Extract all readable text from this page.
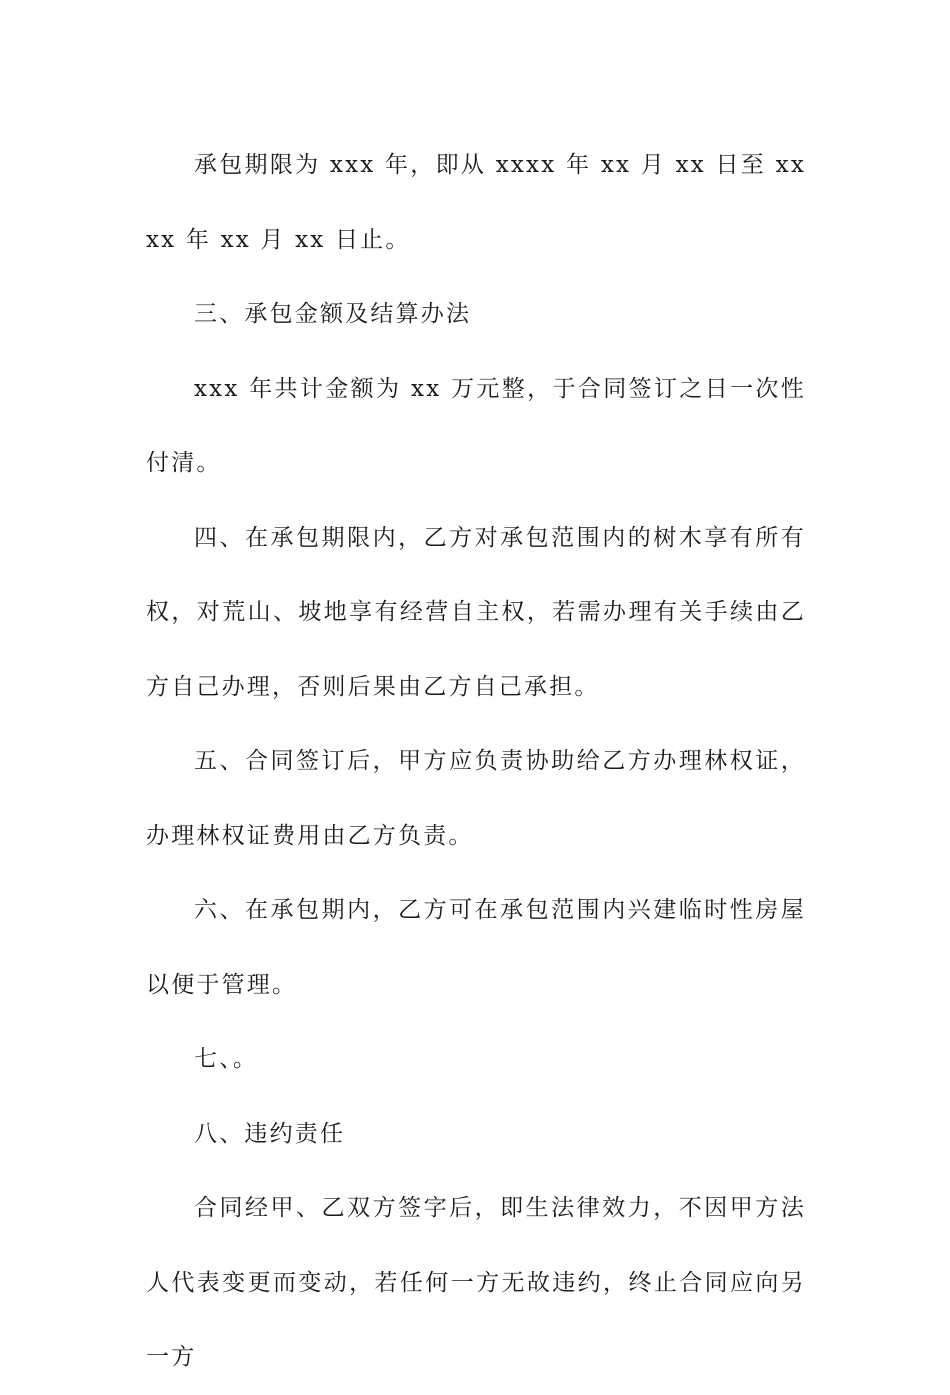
承包期限为 xxx 年，即从 xxxx 年 xx 月 xx 日至 xxxx 年 xx 月 xx 日止。

三、承包金额及结算办法

xxx 年共计金额为 xx 万元整，于合同签订之日一次性付清。

四、在承包期限内，乙方对承包范围内的树木享有所有权，对荒山、坡地享有经营自主权，若需办理有关手续由乙方自己办理，否则后果由乙方自己承担。

五、合同签订后，甲方应负责协助给乙方办理林权证，办理林权证费用由乙方负责。

六、在承包期内，乙方可在承包范围内兴建临时性房屋以便于管理。

七、。

八、违约责任

合同经甲、乙双方签字后，即生法律效力，不因甲方法人代表变更而变动，若任何一方无故违约，终止合同应向另一方
